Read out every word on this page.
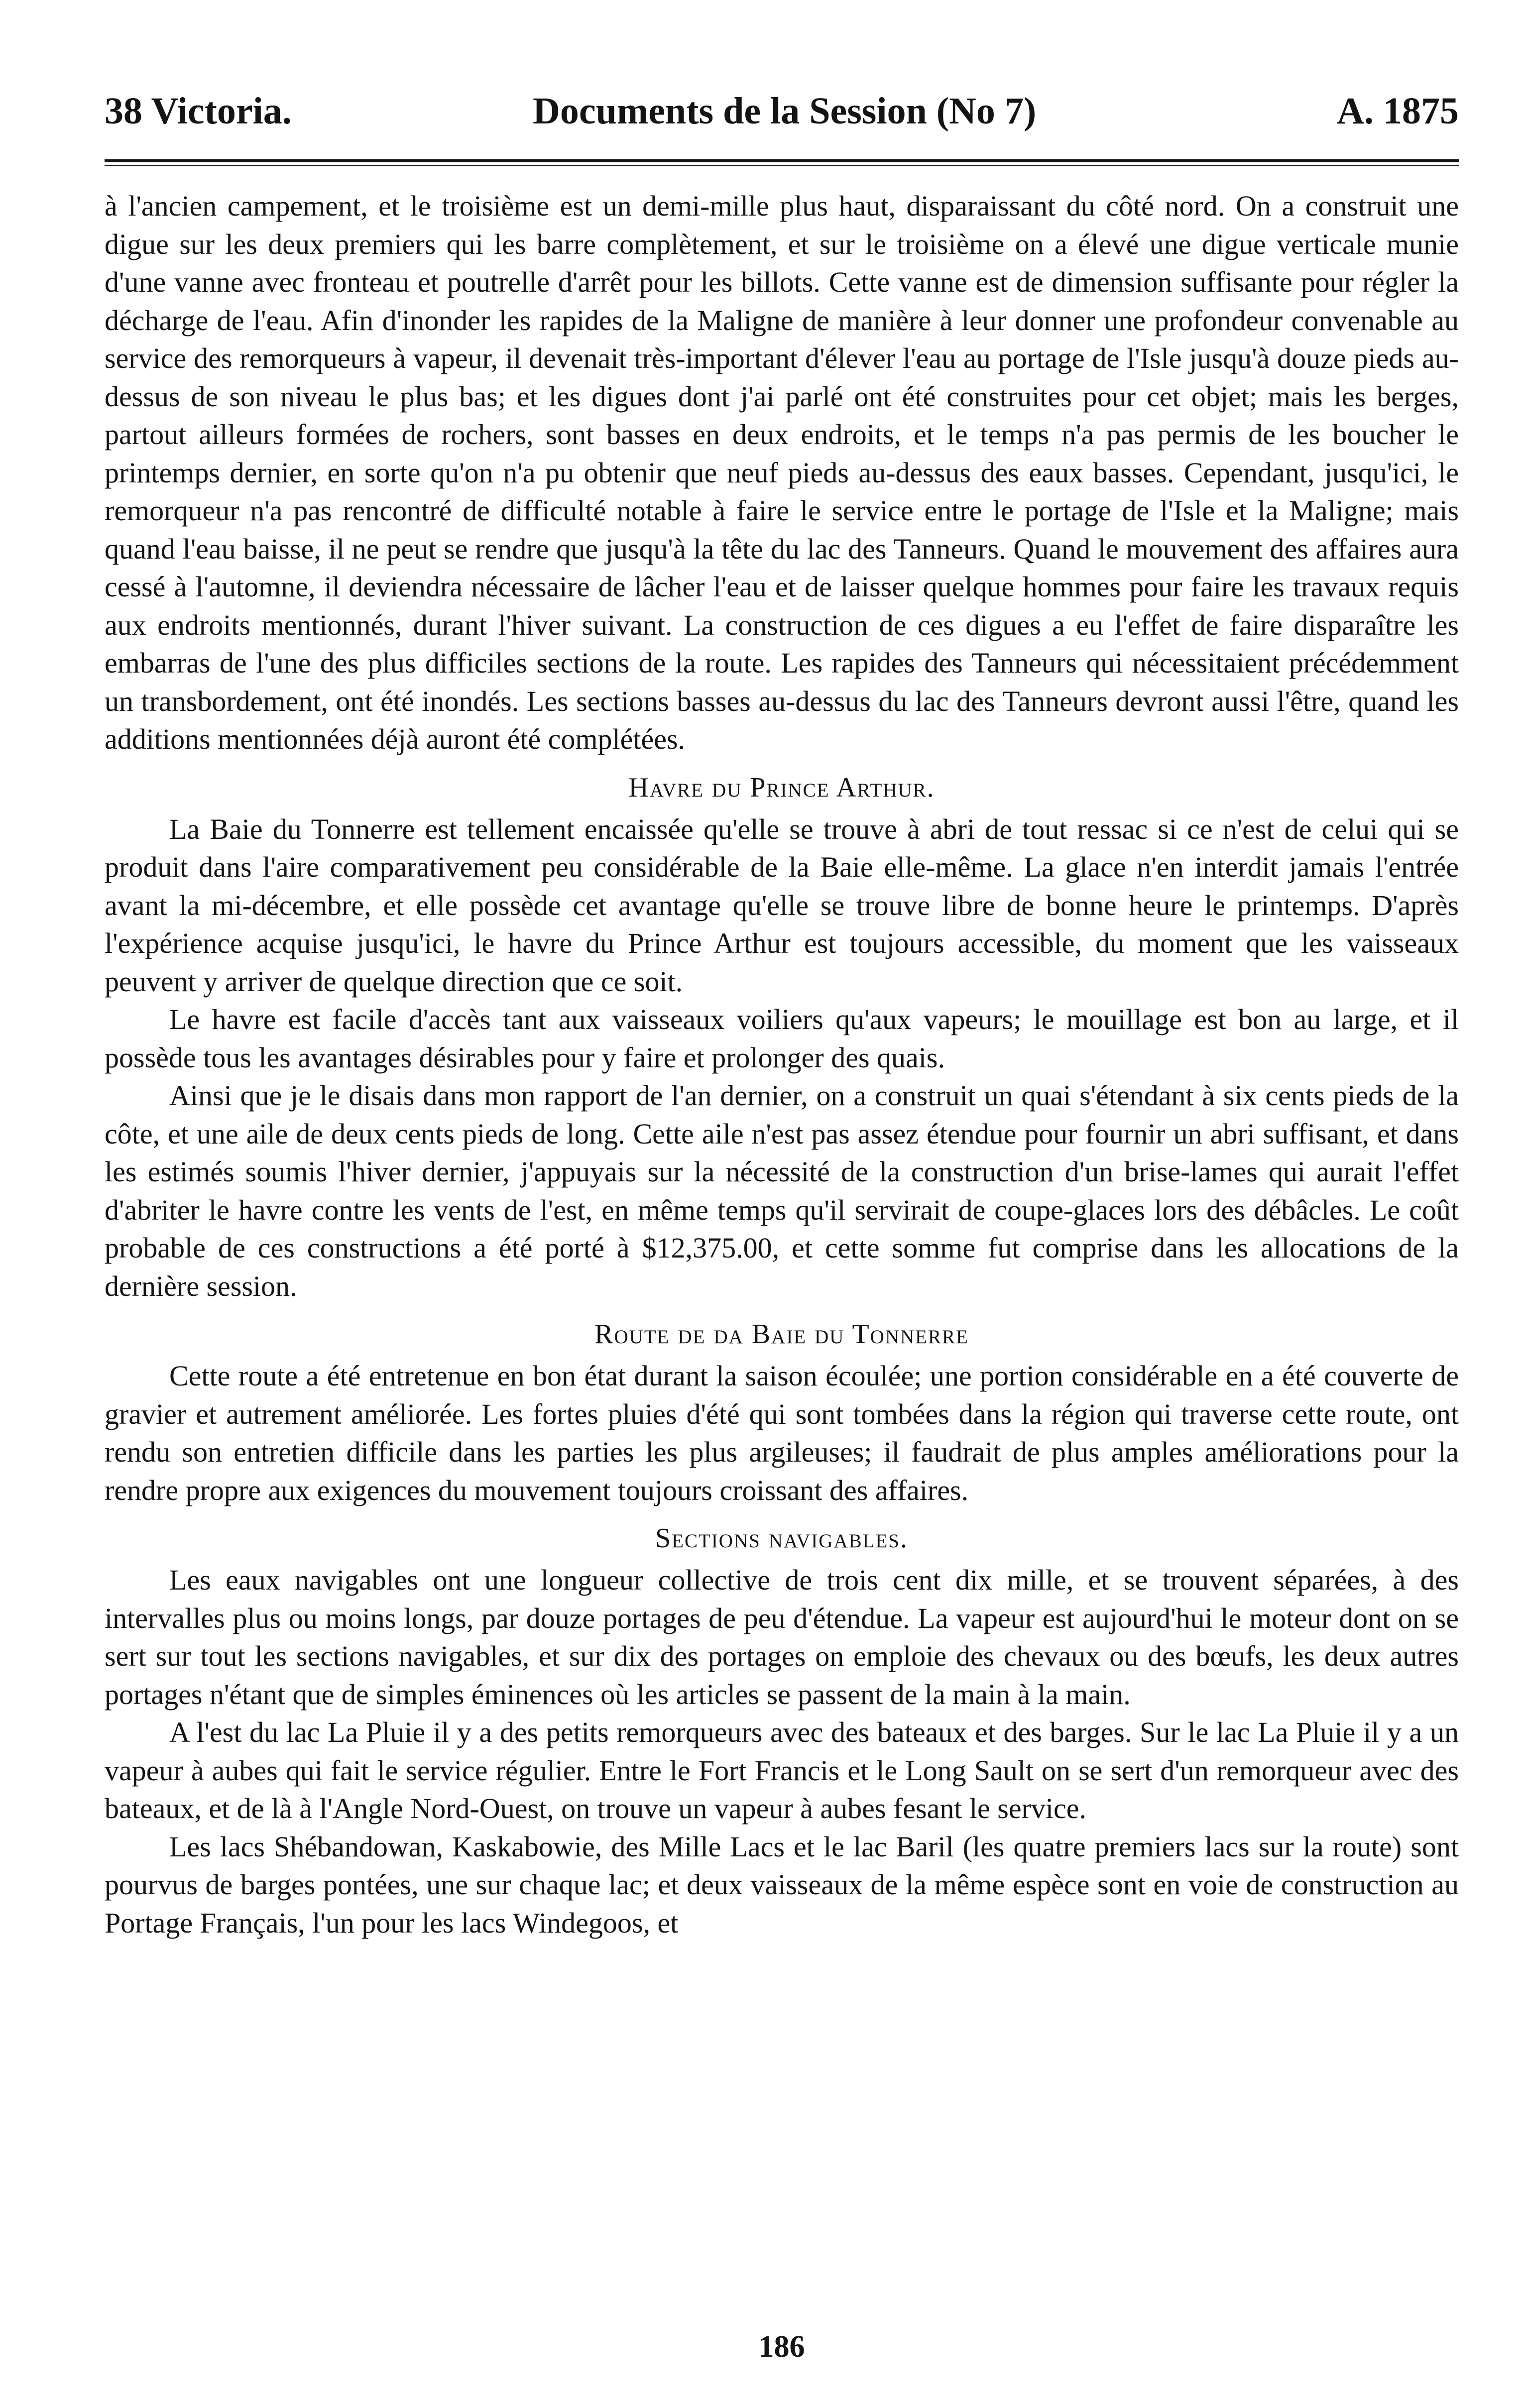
38 Victoria.	Documents de la Session (No 7)	A. 1875

à l'ancien campement, et le troisième est un demi-mille plus haut, disparaissant du côté nord. On a construit une digue sur les deux premiers qui les barre complètement, et sur le troisième on a élevé une digue verticale munie d'une vanne avec fronteau et poutrelle d'arrêt pour les billots. Cette vanne est de dimension suffisante pour régler la décharge de l'eau. Afin d'inonder les rapides de la Maligne de manière à leur donner une profondeur convenable au service des remorqueurs à vapeur, il devenait très-important d'élever l'eau au portage de l'Isle jusqu'à douze pieds au-dessus de son niveau le plus bas; et les digues dont j'ai parlé ont été construites pour cet objet; mais les berges, partout ailleurs formées de rochers, sont basses en deux endroits, et le temps n'a pas permis de les boucher le printemps dernier, en sorte qu'on n'a pu obtenir que neuf pieds au-dessus des eaux basses. Cependant, jusqu'ici, le remorqueur n'a pas rencontré de difficulté notable à faire le service entre le portage de l'Isle et la Maligne; mais quand l'eau baisse, il ne peut se rendre que jusqu'à la tête du lac des Tanneurs. Quand le mouvement des affaires aura cessé à l'automne, il deviendra nécessaire de lâcher l'eau et de laisser quelque hommes pour faire les travaux requis aux endroits mentionnés, durant l'hiver suivant. La construction de ces digues a eu l'effet de faire disparaître les embarras de l'une des plus difficiles sections de la route. Les rapides des Tanneurs qui nécessitaient précédemment un transbordement, ont été inondés. Les sections basses au-dessus du lac des Tanneurs devront aussi l'être, quand les additions mentionnées déjà auront été complétées.

Havre du Prince Arthur.

La Baie du Tonnerre est tellement encaissée qu'elle se trouve à abri de tout ressac si ce n'est de celui qui se produit dans l'aire comparativement peu considérable de la Baie elle-même. La glace n'en interdit jamais l'entrée avant la mi-décembre, et elle possède cet avantage qu'elle se trouve libre de bonne heure le printemps. D'après l'expérience acquise jusqu'ici, le havre du Prince Arthur est toujours accessible, du moment que les vaisseaux peuvent y arriver de quelque direction que ce soit.

Le havre est facile d'accès tant aux vaisseaux voiliers qu'aux vapeurs; le mouillage est bon au large, et il possède tous les avantages désirables pour y faire et prolonger des quais.

Ainsi que je le disais dans mon rapport de l'an dernier, on a construit un quai s'étendant à six cents pieds de la côte, et une aile de deux cents pieds de long. Cette aile n'est pas assez étendue pour fournir un abri suffisant, et dans les estimés soumis l'hiver dernier, j'appuyais sur la nécessité de la construction d'un brise-lames qui aurait l'effet d'abriter le havre contre les vents de l'est, en même temps qu'il servirait de coupe-glaces lors des débâcles. Le coût probable de ces constructions a été porté à $12,375.00, et cette somme fut comprise dans les allocations de la dernière session.

Route de da Baie du Tonnerre

Cette route a été entretenue en bon état durant la saison écoulée; une portion considérable en a été couverte de gravier et autrement améliorée. Les fortes pluies d'été qui sont tombées dans la région qui traverse cette route, ont rendu son entretien difficile dans les parties les plus argileuses; il faudrait de plus amples améliorations pour la rendre propre aux exigences du mouvement toujours croissant des affaires.

Sections navigables.

Les eaux navigables ont une longueur collective de trois cent dix mille, et se trouvent séparées, à des intervalles plus ou moins longs, par douze portages de peu d'étendue. La vapeur est aujourd'hui le moteur dont on se sert sur tout les sections navigables, et sur dix des portages on emploie des chevaux ou des bœufs, les deux autres portages n'étant que de simples éminences où les articles se passent de la main à la main.

A l'est du lac La Pluie il y a des petits remorqueurs avec des bateaux et des barges. Sur le lac La Pluie il y a un vapeur à aubes qui fait le service régulier. Entre le Fort Francis et le Long Sault on se sert d'un remorqueur avec des bateaux, et de là à l'Angle Nord-Ouest, on trouve un vapeur à aubes fesant le service.

Les lacs Shébandowan, Kaskabowie, des Mille Lacs et le lac Baril (les quatre premiers lacs sur la route) sont pourvus de barges pontées, une sur chaque lac; et deux vaisseaux de la même espèce sont en voie de construction au Portage Français, l'un pour les lacs Windegoos, et

186
